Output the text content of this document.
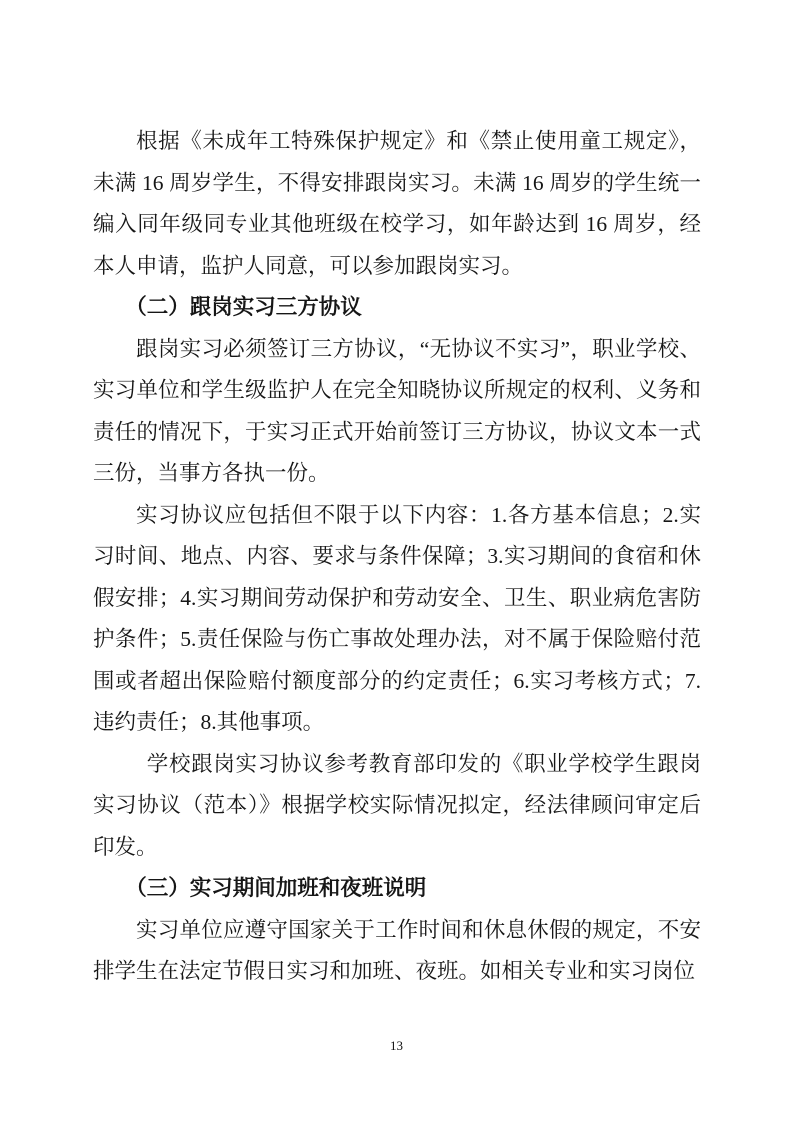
根据《未成年工特殊保护规定》和《禁止使用童工规定》，未满 16 周岁学生，不得安排跟岗实习。未满 16 周岁的学生统一编入同年级同专业其他班级在校学习，如年龄达到 16 周岁，经本人申请，监护人同意，可以参加跟岗实习。

（二）跟岗实习三方协议

跟岗实习必须签订三方协议，“无协议不实习”，职业学校、实习单位和学生级监护人在完全知晓协议所规定的权利、义务和责任的情况下，于实习正式开始前签订三方协议，协议文本一式三份，当事方各执一份。

实习协议应包括但不限于以下内容：1.各方基本信息；2.实习时间、地点、内容、要求与条件保障；3.实习期间的食宿和休假安排；4.实习期间劳动保护和劳动安全、卫生、职业病危害防护条件；5.责任保险与伤亡事故处理办法，对不属于保险赔付范围或者超出保险赔付额度部分的约定责任；6.实习考核方式；7.违约责任；8.其他事项。

学校跟岗实习协议参考教育部印发的《职业学校学生跟岗实习协议（范本）》根据学校实际情况拟定，经法律顾问审定后印发。

（三）实习期间加班和夜班说明

实习单位应遵守国家关于工作时间和休息休假的规定，不安排学生在法定节假日实习和加班、夜班。如相关专业和实习岗位

13
